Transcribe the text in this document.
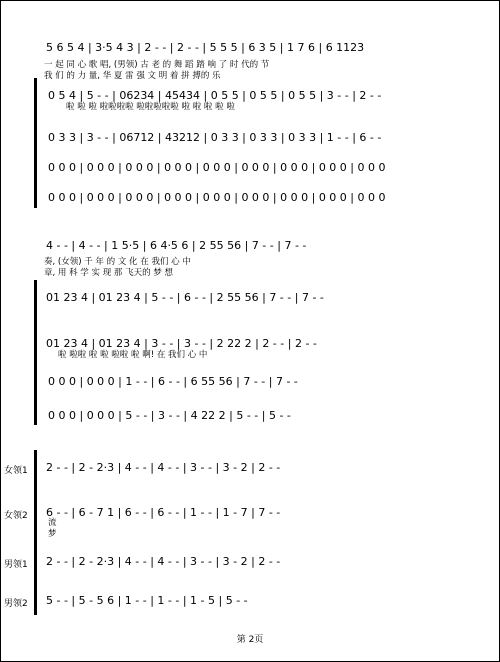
5 6 5 4 | 3·5 4 3 | 2 - - | 2 - - | 5 5 5 | 6 3 5 | 1 7 6 | 6 1123
一 起 同 心 歌 唱, (男领) 古 老 的 舞 蹈 踏 响 了 时 代的 节
我 们 的 力 量, 华 夏 雷 强 文 明 着 拼 搏的 乐
0 5 4 | 5 - - | 06234 | 45434 | 0 5 5 | 0 5 5 | 0 5 5 | 3 - - | 2 - -
啦 啦 啦 啦啦啦啦 啦啦啦啦啦 啦 啦 啦 啦 啦
0 3 3 | 3 - - | 06712 | 43212 | 0 3 3 | 0 3 3 | 0 3 3 | 1 - - | 6 - -
0 0 0 | 0 0 0 | 0 0 0 | 0 0 0 | 0 0 0 | 0 0 0 | 0 0 0 | 0 0 0 | 0 0 0
0 0 0 | 0 0 0 | 0 0 0 | 0 0 0 | 0 0 0 | 0 0 0 | 0 0 0 | 0 0 0 | 0 0 0
4 - - | 4 - - | 1 5·5 | 6 4·5 6 | 2 55 56 | 7 - - | 7 - -
奏, (女领) 千 年 的 文 化 在 我们 心 中
章, 用 科 学 实 现 那 飞天的 梦 想
01 23 4 | 01 23 4 | 5 - - | 6 - - | 2 55 56 | 7 - - | 7 - -
01 23 4 | 01 23 4 | 3 - - | 3 - - | 2 22 2 | 2 - - | 2 - -
啦 啦啦 啦 啦 啦啦 啦 啊! 在 我们 心 中
0 0 0 | 0 0 0 | 1 - - | 6 - - | 6 55 56 | 7 - - | 7 - -
0 0 0 | 0 0 0 | 5 - - | 3 - - | 4 22 2 | 5 - - | 5 - -
女领1 2 - - | 2 - 2·3 | 4 - - | 4 - - | 3 - - | 3 - 2 | 2 - -
女领2 6 - - | 6 - 7 1 | 6 - - | 6 - - | 1 - - | 1 - 7 | 7 - -
流
梦
男领1 2 - - | 2 - 2·3 | 4 - - | 4 - - | 3 - - | 3 - 2 | 2 - -
男领2 5 - - | 5 - 5 6 | 1 - - | 1 - - | 1 - 5 | 5 - -
第 2页
